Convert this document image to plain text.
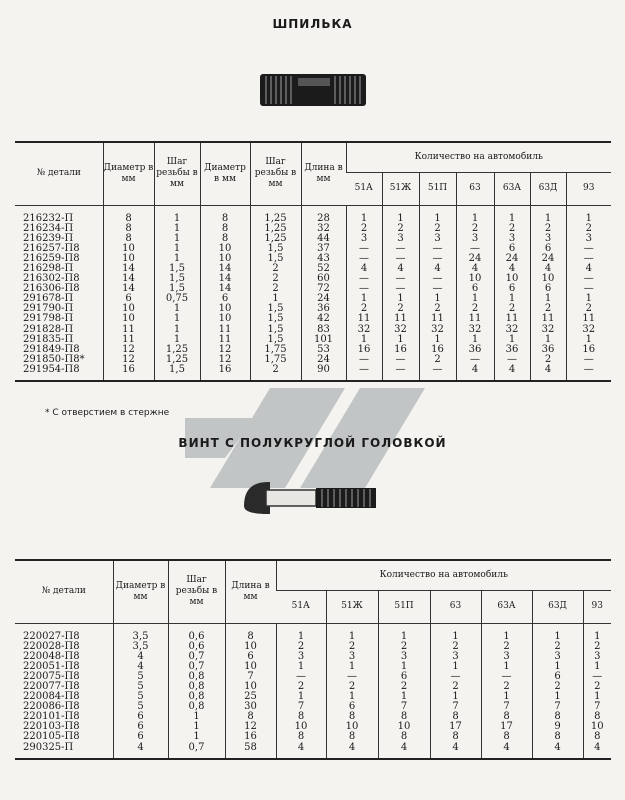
ШПИЛЬКА
№ детали	Диаметр в мм	Шаг резьбы в мм	Диаметр в мм	Шаг резьбы в мм	Длина в мм	Количество на автомобиль						
						51А	51Ж	51П	63	63А	63Д	93
216232-П	8	1	8	1,25	28	1	1	1	1	1	1	1
216234-П	8	1	8	1,25	32	2	2	2	2	2	2	2
216239-П	8	1	8	1,25	44	3	3	3	3	3	3	3
216257-П8	10	1	10	1,5	37	—	—	—	—	6	6	—
216259-П8	10	1	10	1,5	43	—	—	—	24	24	24	—
216298-П	14	1,5	14	2	52	4	4	4	4	4	4	4
216302-П8	14	1,5	14	2	60	—	—	—	10	10	10	—
216306-П8	14	1,5	14	2	72	—	—	—	6	6	6	—
291678-П	6	0,75	6	1	24	1	1	1	1	1	1	1
291790-П	10	1	10	1,5	36	2	2	2	2	2	2	2
291798-П	10	1	10	1,5	42	11	11	11	11	11	11	11
291828-П	11	1	11	1,5	83	32	32	32	32	32	32	32
291835-П	11	1	11	1,5	101	1	1	1	1	1	1	1
291849-П8	12	1,25	12	1,75	53	16	16	16	36	36	36	16
291850-П8*	12	1,25	12	1,75	24	—	—	2	—	—	2	—
291954-П8	16	1,5	16	2	90	—	—	—	4	4	4	—
* С отверстием в стержне
ВИНТ С ПОЛУКРУГЛОЙ ГОЛОВКОЙ
№ детали	Диаметр в мм	Шаг резьбы в мм	Длина в мм	Количество на автомобиль						
				51А	51Ж	51П	63	63А	63Д	93
220027-П8	3,5	0,6	8	1	1	1	1	1	1	1
220028-П8	3,5	0,6	10	2	2	2	2	2	2	2
220048-П8	4	0,7	6	3	3	3	3	3	3	3
220051-П8	4	0,7	10	1	1	1	1	1	1	1
220075-П8	5	0,8	7	—	—	6	—	—	6	—
220077-П8	5	0,8	10	2	2	2	2	2	2	2
220084-П8	5	0,8	25	1	1	1	1	1	1	1
220086-П8	5	0,8	30	7	6	7	7	7	7	7
220101-П8	6	1	8	8	8	8	8	8	8	8
220103-П8	6	1	12	10	10	10	17	17	9	10
220105-П8	6	1	16	8	8	8	8	8	8	8
290325-П	4	0,7	58	4	4	4	4	4	4	4
